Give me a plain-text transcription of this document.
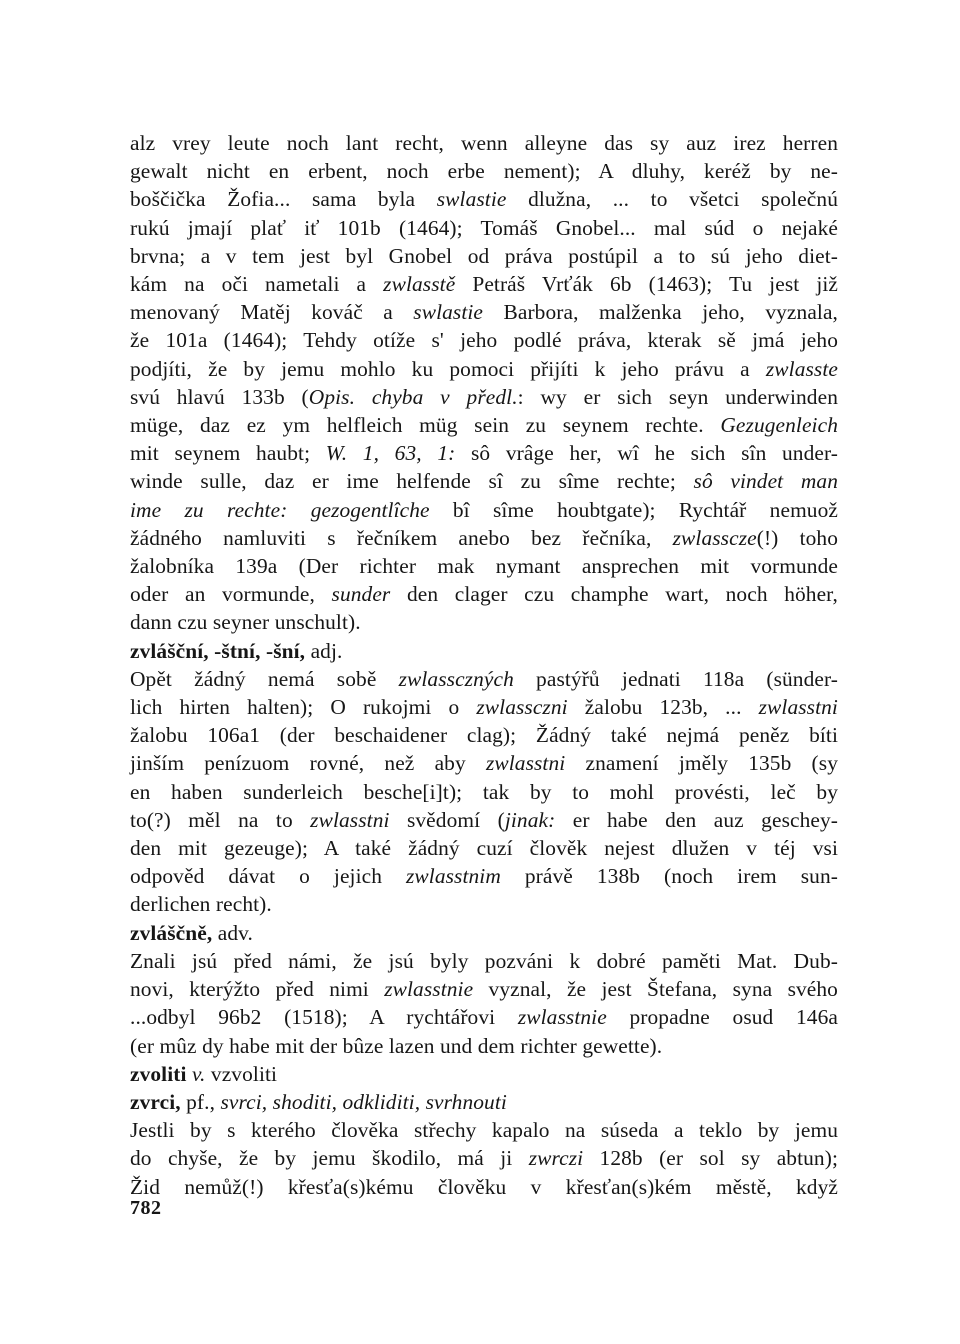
alz vrey leute noch lant recht, wenn alleyne das sy auz irez herren
gewalt nicht en erbent, noch erbe nement); A dluhy, keréž by ne-
boščička Žofia... sama byla swlastie dlužna, ... to všetci společnú
rukú jmají plať iť 101b (1464); Tomáš Gnobel... mal súd o nejaké
brvna; a v tem jest byl Gnobel od práva postúpil a to sú jeho diet-
kám na oči nametali a zwlasstě Petráš Vrťák 6b (1463); Tu jest již
menovaný Matěj kováč a swlastie Barbora, malženka jeho, vyznala,
že 101a (1464); Tehdy otíže s' jeho podlé práva, kterak sě jmá jeho
podjíti, že by jemu mohlo ku pomoci přijíti k jeho právu a zwlasste
svú hlavú 133b (Opis. chyba v předl.: wy er sich seyn underwinden
müge, daz ez ym helfleich müg sein zu seynem rechte. Gezugenleich
mit seynem haubt; W. 1, 63, 1: sô vrâge her, wî he sich sîn under-
winde sulle, daz er ime helfende sî zu sîme rechte; sô vindet man
ime zu rechte: gezogentlîche bî sîme houbtgate); Rychtář nemuož
žádného namluviti s řečníkem anebo bez řečníka, zwlasscze(!) toho
žalobníka 139a (Der richter mak nymant ansprechen mit vormunde
oder an vormunde, sunder den clager czu champhe wart, noch höher,
dann czu seyner unschult).
zvlášční, -štní, -šní, adj.
Opět žádný nemá sobě zwlassczných pastýřů jednati 118a (sünder-
lich hirten halten); O rukojmi o zwlassczni žalobu 123b, ... zwlasstni
žalobu 106a1 (der beschaidener clag); Žádný také nejmá peněz bíti
jinším penízuom rovné, než aby zwlasstni znamení jměly 135b (sy
en haben sunderleich besche[i]t); tak by to mohl provésti, leč by
to(?) měl na to zwlasstni svědomí (jinak: er habe den auz gescheу-
den mit gezeuge); A také žádný cuzí člověk nejest dlužen v téj vsi
odpověd dávat o jejich zwlasstnim právě 138b (noch irem sun-
derlichen recht).
zvláščně, adv.
Znali jsú před námi, že jsú byly pozváni k dobré paměti Mat. Dub-
novi, kterýžto před nimi zwlasstnie vyznal, že jest Štefana, syna svého
...odbyl 96b2 (1518); A rychtářovi zwlasstnie propadne osud 146a
(er mûz dy habe mit der bûze lazen und dem richter gewette).
zvoliti v. vzvoliti
zvrci, pf., svrci, shoditi, odkliditi, svrhnouti
Jestli by s kterého člověka střechy kapalo na súseda a teklo by jemu
do chyše, že by jemu škodilo, má ji zwrczi 128b (er sol sy abtun);
Žid nemůž(!) křesťa(s)kému člověku v křesťan(s)kém městě, když
782
